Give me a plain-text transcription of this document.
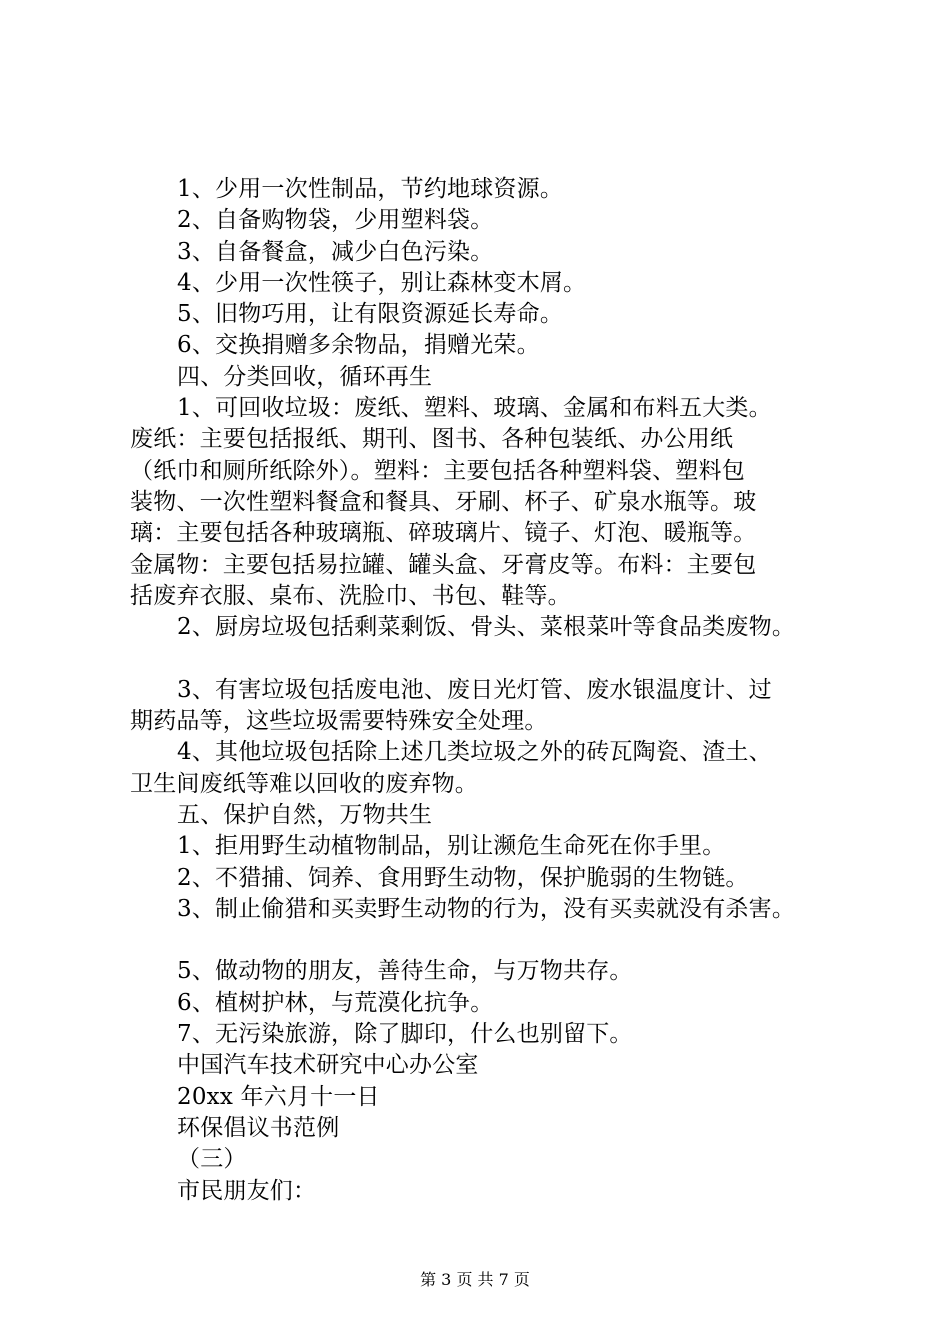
1、少用一次性制品，节约地球资源。
2、自备购物袋，少用塑料袋。
3、自备餐盒，减少白色污染。
4、少用一次性筷子，别让森林变木屑。
5、旧物巧用，让有限资源延长寿命。
6、交换捐赠多余物品，捐赠光荣。
四、分类回收，循环再生
1、可回收垃圾：废纸、塑料、玻璃、金属和布料五大类。
废纸：主要包括报纸、期刊、图书、各种包装纸、办公用纸
（纸巾和厕所纸除外）。塑料：主要包括各种塑料袋、塑料包
装物、一次性塑料餐盒和餐具、牙刷、杯子、矿泉水瓶等。玻
璃：主要包括各种玻璃瓶、碎玻璃片、镜子、灯泡、暖瓶等。
金属物：主要包括易拉罐、罐头盒、牙膏皮等。布料：主要包
括废弃衣服、桌布、洗脸巾、书包、鞋等。
2、厨房垃圾包括剩菜剩饭、骨头、菜根菜叶等食品类废物。
3、有害垃圾包括废电池、废日光灯管、废水银温度计、过
期药品等，这些垃圾需要特殊安全处理。
4、其他垃圾包括除上述几类垃圾之外的砖瓦陶瓷、渣土、
卫生间废纸等难以回收的废弃物。
五、保护自然，万物共生
1、拒用野生动植物制品，别让濒危生命死在你手里。
2、不猎捕、饲养、食用野生动物，保护脆弱的生物链。
3、制止偷猎和买卖野生动物的行为，没有买卖就没有杀害。
5、做动物的朋友，善待生命，与万物共存。
6、植树护林，与荒漠化抗争。
7、无污染旅游，除了脚印，什么也别留下。
中国汽车技术研究中心办公室
20xx 年六月十一日
环保倡议书范例
（三）
市民朋友们：
第 3 页 共 7 页
